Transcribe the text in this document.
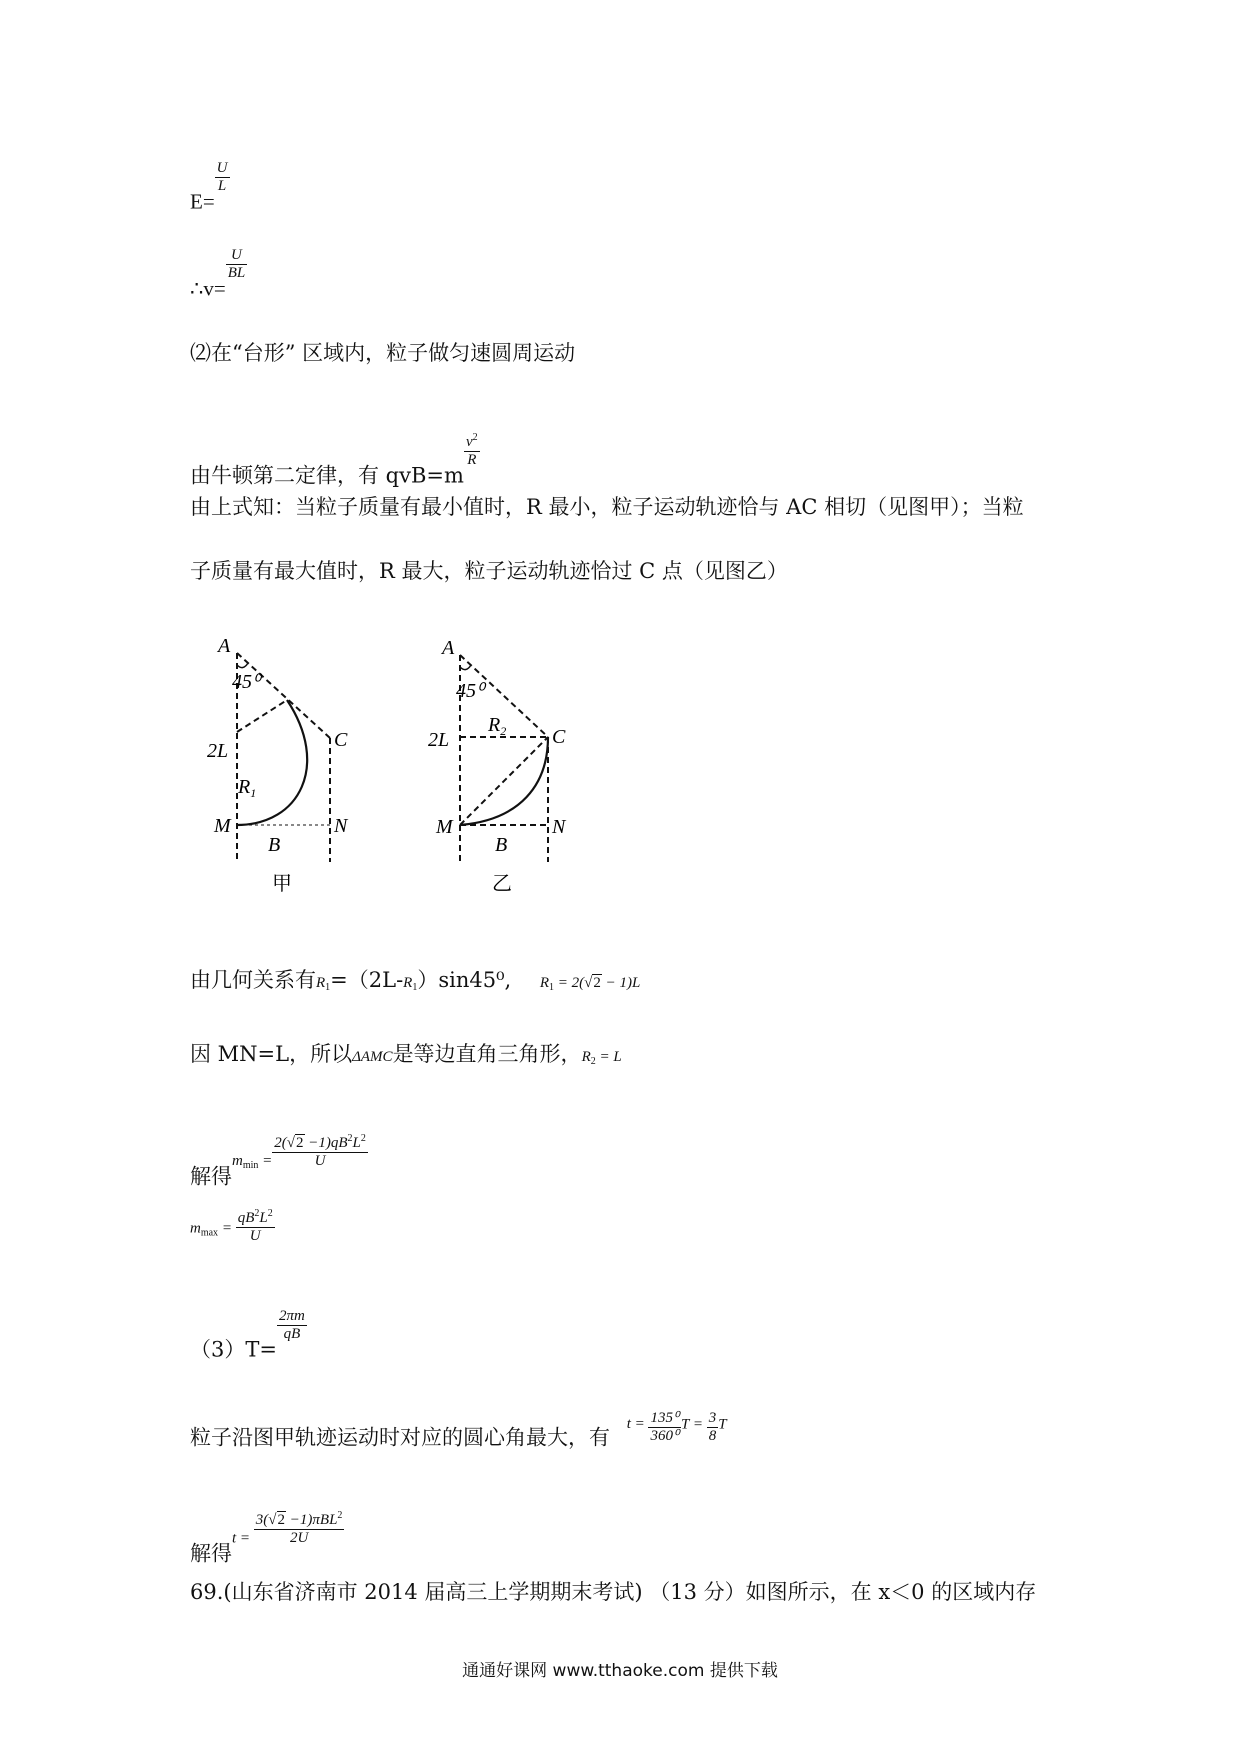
E=
$\frac{U}{L}$
∴v=
$\frac{U}{BL}$
⑵在“台形” 区域内，粒子做匀速圆周运动
由牛顿第二定律，有 qvB=m
$\frac{v^2}{R}$
由上式知：当粒子质量有最小值时，R 最小，粒子运动轨迹恰与 AC 相切（见图甲）；当粒
子质量有最大值时，R 最大，粒子运动轨迹恰过 C 点（见图乙）
A
45⁰
2L
$R_1$
C
M
B
N
甲
A
45⁰
2L
$R_2$ C
M
B
N
乙
由几何关系有$R_1=(2L-R_1)\sin 45^0$, $R_1 = 2(√2 - 1)L$
因 MN=L，所以ΔAMC是等边直角三角形，$R_2 = L$
解得
$m_{min} = \frac{2(√2 -1)qB^2L^2}{U}$
$m_{max} = \frac{qB^2L^2}{U}$
（3）T=
$\frac{2\pi m}{qB}$
粒子沿图甲轨迹运动时对应的圆心角最大，有 $^{t =} \frac{\text{135⁰}}{\text{360⁰}} ^{T =} \frac{3}{8} ^T$
解得$^{t =} \frac{3(√2 -1)\pi BL^2}{2U}$
69.(山东省济南市 2014 届高三上学期期末考试) （13 分）如图所示，在 x＜0 的区域内存
通通好课网 www.tthaoke.com 提供下载
